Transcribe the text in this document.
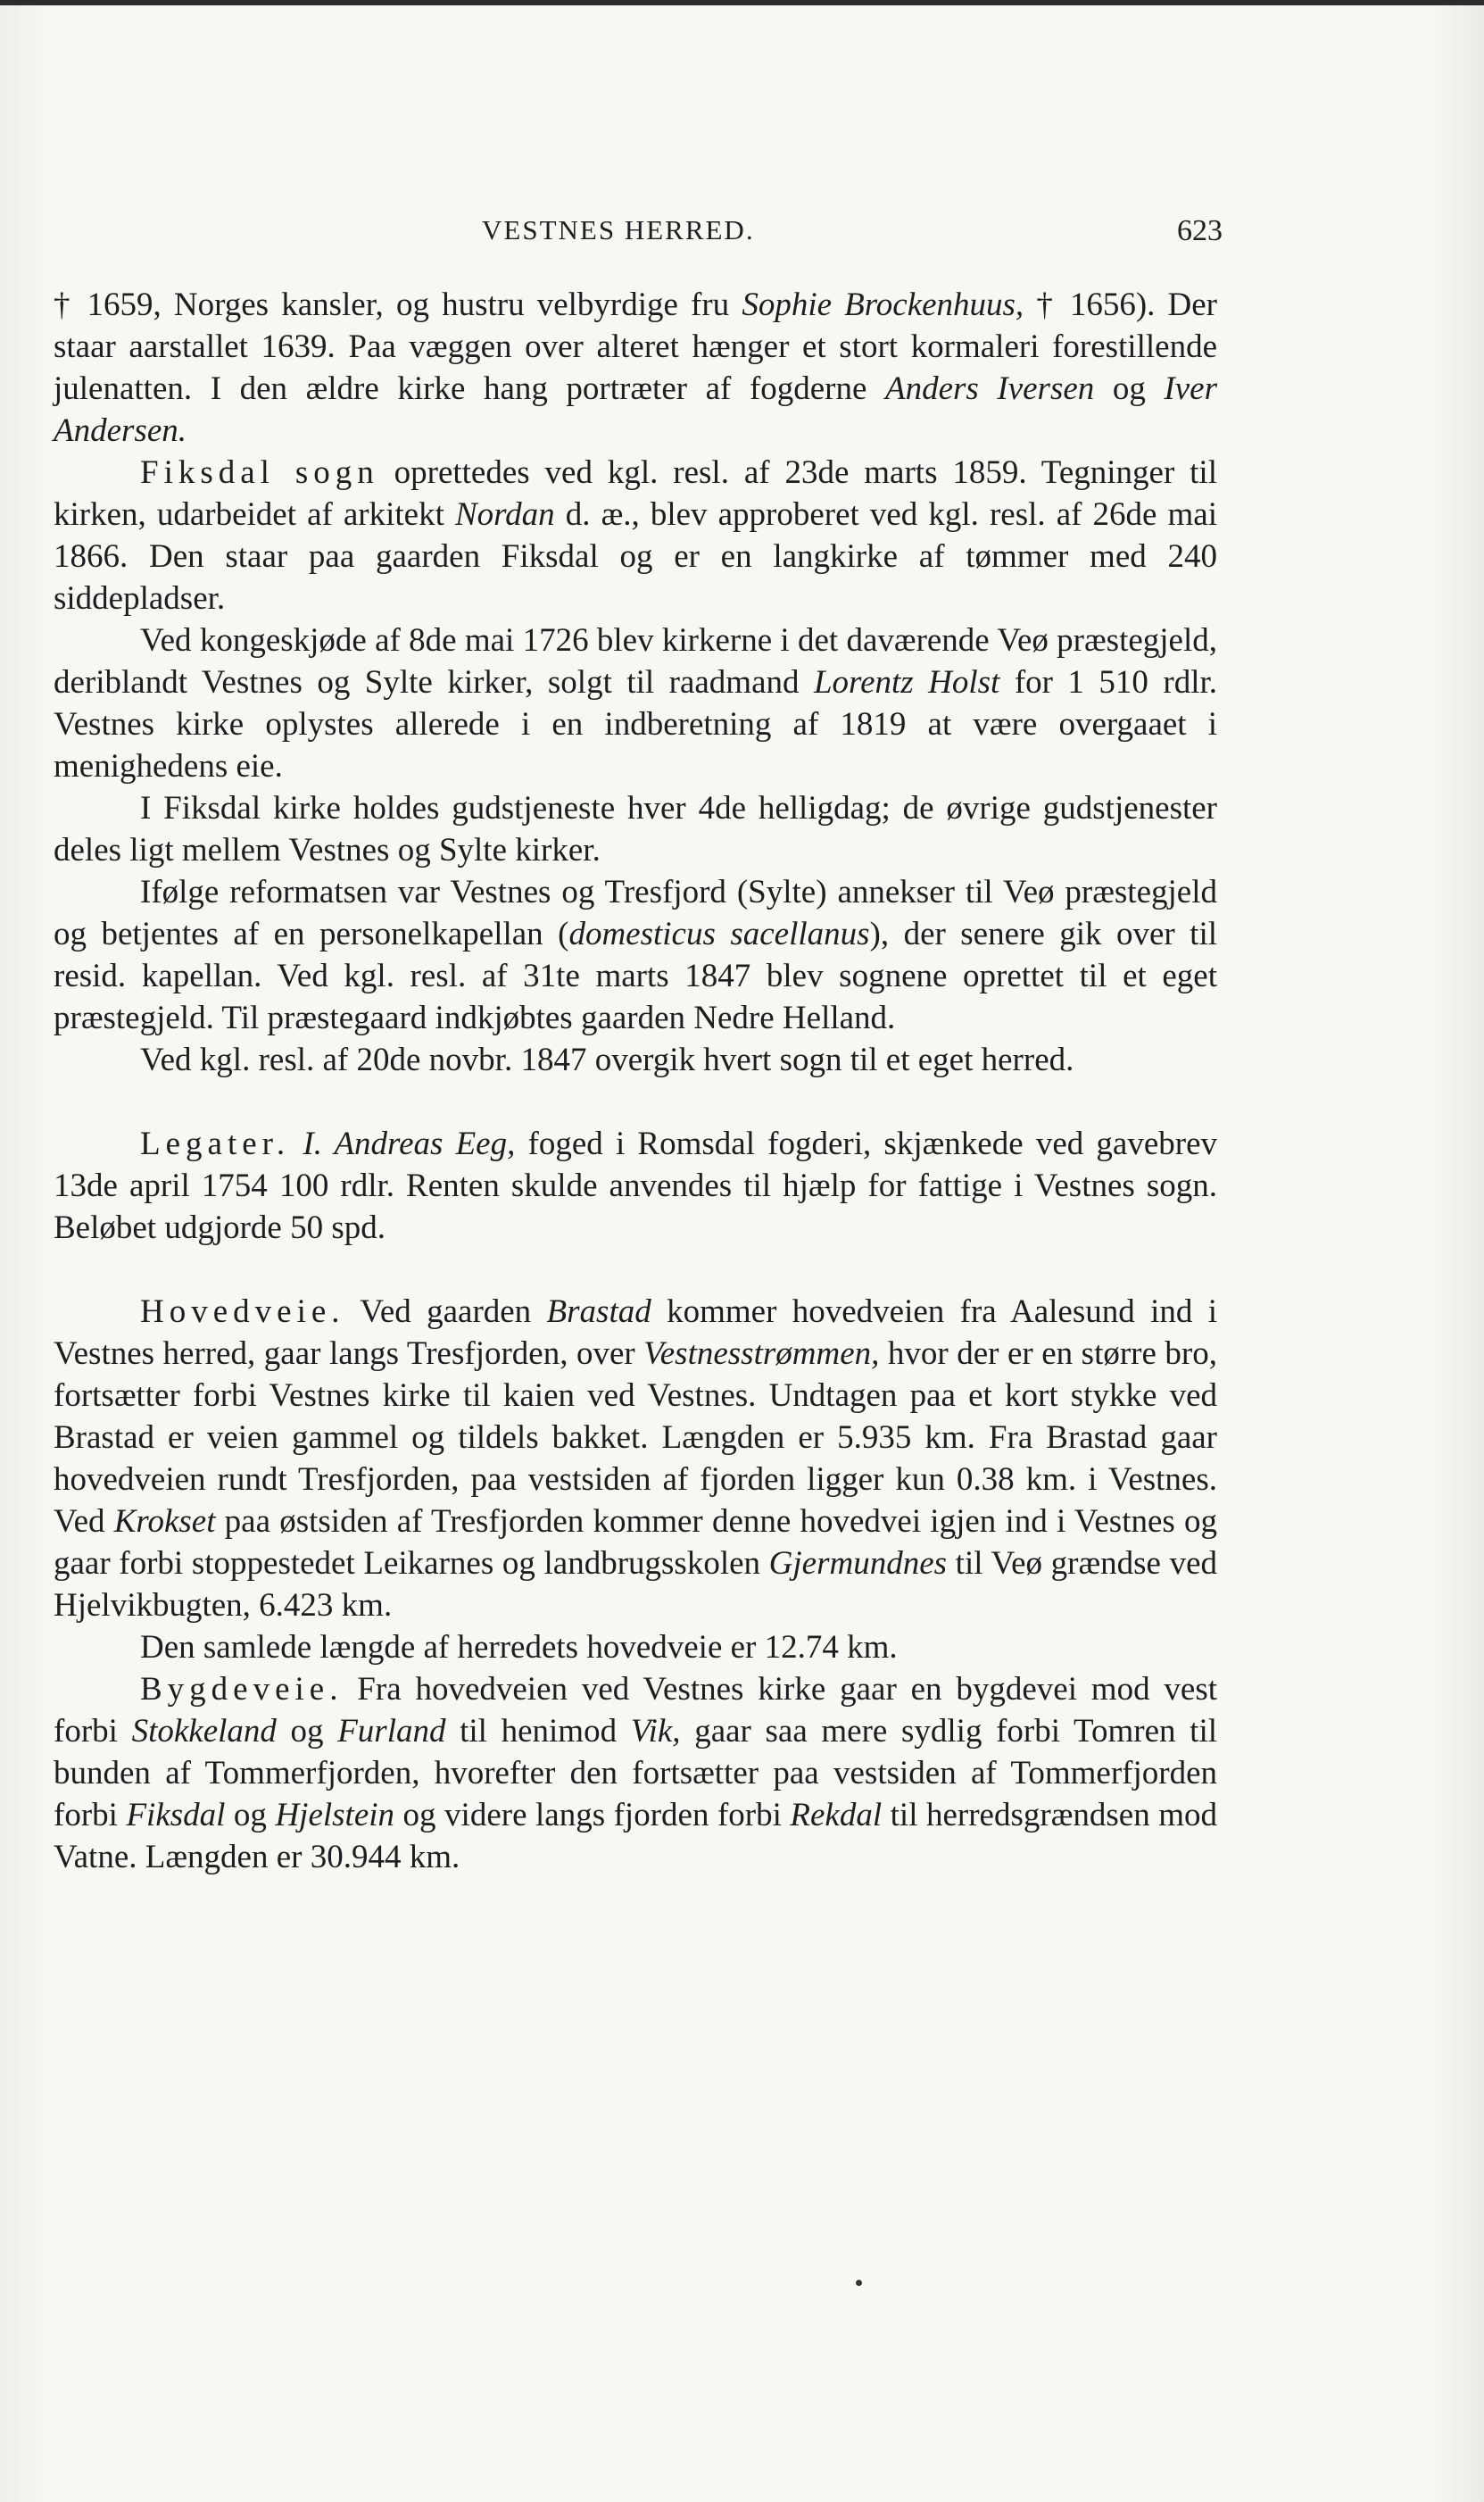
VESTNES HERRED.	623

† 1659, Norges kansler, og hustru velbyrdige fru Sophie Brockenhuus, † 1656). Der staar aarstallet 1639. Paa væggen over alteret hænger et stort kormaleri forestillende julenatten. I den ældre kirke hang portræter af fogderne Anders Iversen og Iver Andersen.

Fiksdal sogn oprettedes ved kgl. resl. af 23de marts 1859. Tegninger til kirken, udarbeidet af arkitekt Nordan d. æ., blev approberet ved kgl. resl. af 26de mai 1866. Den staar paa gaarden Fiksdal og er en langkirke af tømmer med 240 siddepladser.

Ved kongeskjøde af 8de mai 1726 blev kirkerne i det daværende Veø præstegjeld, deriblandt Vestnes og Sylte kirker, solgt til raadmand Lorentz Holst for 1 510 rdlr. Vestnes kirke oplystes allerede i en indberetning af 1819 at være overgaaet i menighedens eie.

I Fiksdal kirke holdes gudstjeneste hver 4de helligdag; de øvrige gudstjenester deles ligt mellem Vestnes og Sylte kirker.

Ifølge reformatsen var Vestnes og Tresfjord (Sylte) annekser til Veø præstegjeld og betjentes af en personelkapellan (domesticus sacellanus), der senere gik over til resid. kapellan. Ved kgl. resl. af 31te marts 1847 blev sognene oprettet til et eget præstegjeld. Til præstegaard indkjøbtes gaarden Nedre Helland.

Ved kgl. resl. af 20de novbr. 1847 overgik hvert sogn til et eget herred.

Legater. I. Andreas Eeg, foged i Romsdal fogderi, skjænkede ved gavebrev 13de april 1754 100 rdlr. Renten skulde anvendes til hjælp for fattige i Vestnes sogn. Beløbet udgjorde 50 spd.

Hovedveie. Ved gaarden Brastad kommer hovedveien fra Aalesund ind i Vestnes herred, gaar langs Tresfjorden, over Vestnesstrømmen, hvor der er en større bro, fortsætter forbi Vestnes kirke til kaien ved Vestnes. Undtagen paa et kort stykke ved Brastad er veien gammel og tildels bakket. Længden er 5.935 km. Fra Brastad gaar hovedveien rundt Tresfjorden, paa vestsiden af fjorden ligger kun 0.38 km. i Vestnes. Ved Krokset paa østsiden af Tresfjorden kommer denne hovedvei igjen ind i Vestnes og gaar forbi stoppestedet Leikarnes og landbrugsskolen Gjermundnes til Veø grændse ved Hjelvikbugten, 6.423 km.

Den samlede længde af herredets hovedveie er 12.74 km.

Bygdeveie. Fra hovedveien ved Vestnes kirke gaar en bygdevei mod vest forbi Stokkeland og Furland til henimod Vik, gaar saa mere sydlig forbi Tomren til bunden af Tommerfjorden, hvorefter den fortsætter paa vestsiden af Tommerfjorden forbi Fiksdal og Hjelstein og videre langs fjorden forbi Rekdal til herredsgrændsen mod Vatne. Længden er 30.944 km.
